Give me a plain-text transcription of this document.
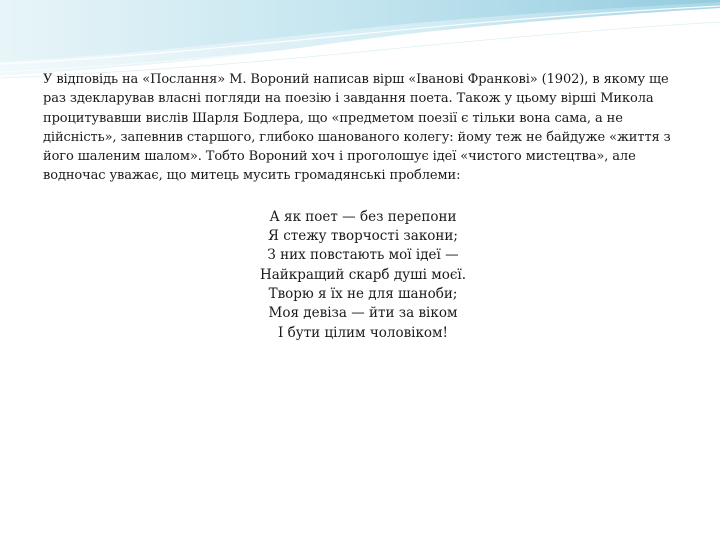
У відповідь на «Послання» М. Вороний написав вірш «Іванові Франкові» (1902), в якому ще раз здекларував власні погляди на поезію і завдання поета. Також у цьому вірші Микола процитувавши вислів Шарля Бодлера, що «предметом поезії є тільки вона сама, а не дійсність», запевнив старшого, глибоко шанованого колегу: йому теж не байдуже «життя з його шаленим шалом». Тобто Вороний хоч і проголошує ідеї «чистого мистецтва», але водночас уважає, що митець мусить громадянські проблеми:

А як поет — без перепони
Я стежу творчості закони;
З них повстають мої ідеї —
Найкращий скарб душі моєї.
Творю я їх не для шаноби;
Моя девіза — йти за віком
І бути цілим чоловіком!
